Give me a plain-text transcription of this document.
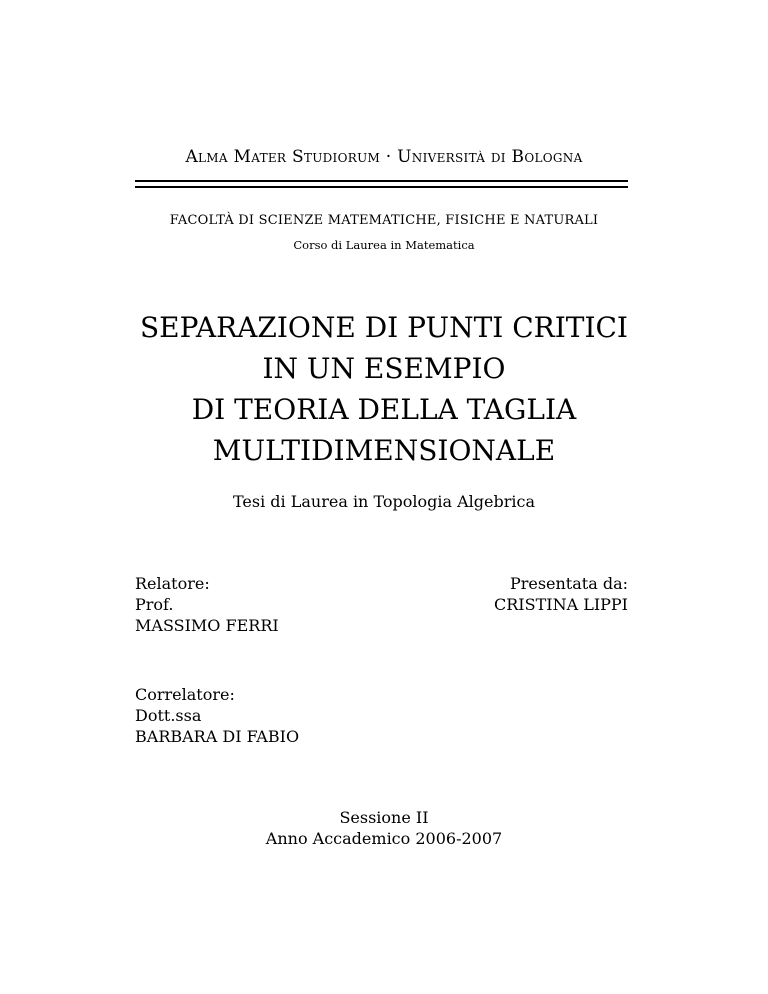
Alma Mater Studiorum · Università di Bologna
FACOLTÀ DI SCIENZE MATEMATICHE, FISICHE E NATURALI
Corso di Laurea in Matematica
SEPARAZIONE DI PUNTI CRITICI
IN UN ESEMPIO
DI TEORIA DELLA TAGLIA
MULTIDIMENSIONALE
Tesi di Laurea in Topologia Algebrica
Relatore:
Prof.
MASSIMO FERRI
Presentata da:
CRISTINA LIPPI
Correlatore:
Dott.ssa
BARBARA DI FABIO
Sessione II
Anno Accademico 2006-2007
